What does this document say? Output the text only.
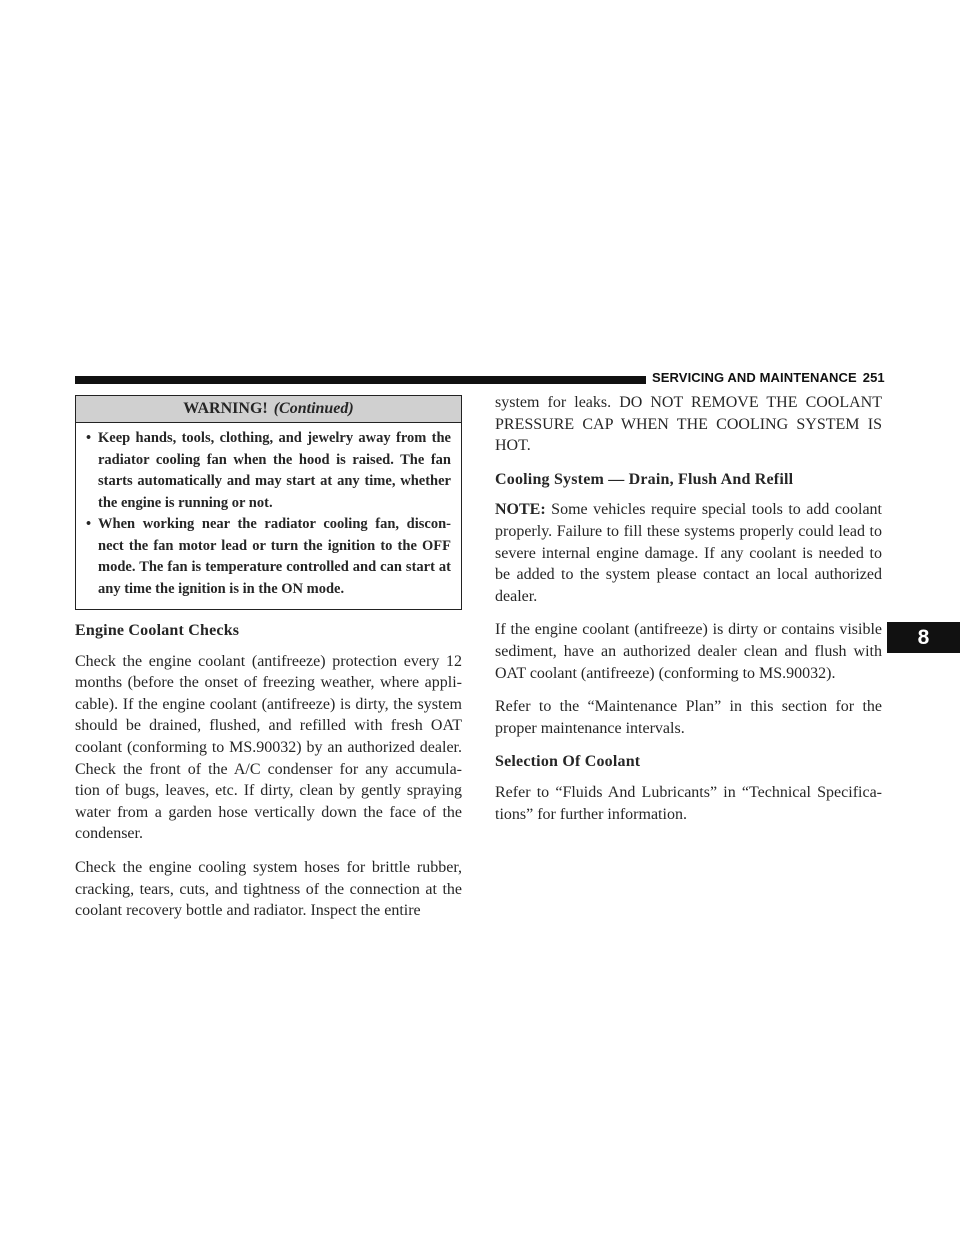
SERVICING AND MAINTENANCE 251
8
WARNING! (Continued)
• Keep hands, tools, clothing, and jewelry away from the radiator cooling fan when the hood is raised. The fan starts automatically and may start at any time, whether the engine is running or not.
• When working near the radiator cooling fan, discon- nect the fan motor lead or turn the ignition to the OFF mode. The fan is temperature controlled and can start at any time the ignition is in the ON mode.
Engine Coolant Checks

Check the engine coolant (antifreeze) protection every 12 months (before the onset of freezing weather, where appli- cable). If the engine coolant (antifreeze) is dirty, the system should be drained, flushed, and refilled with fresh OAT coolant (conforming to MS.90032) by an authorized dealer. Check the front of the A/C condenser for any accumula- tion of bugs, leaves, etc. If dirty, clean by gently spraying water from a garden hose vertically down the face of the condenser.

Check the engine cooling system hoses for brittle rubber, cracking, tears, cuts, and tightness of the connection at the coolant recovery bottle and radiator. Inspect the entire

system for leaks. DO NOT REMOVE THE COOLANT PRESSURE CAP WHEN THE COOLING SYSTEM IS HOT.

Cooling System — Drain, Flush And Refill

NOTE: Some vehicles require special tools to add coolant properly. Failure to fill these systems properly could lead to severe internal engine damage. If any coolant is needed to be added to the system please contact an local authorized dealer.

If the engine coolant (antifreeze) is dirty or contains visible sediment, have an authorized dealer clean and flush with OAT coolant (antifreeze) (conforming to MS.90032).

Refer to the “Maintenance Plan” in this section for the proper maintenance intervals.

Selection Of Coolant

Refer to “Fluids And Lubricants” in “Technical Specifica- tions” for further information.
